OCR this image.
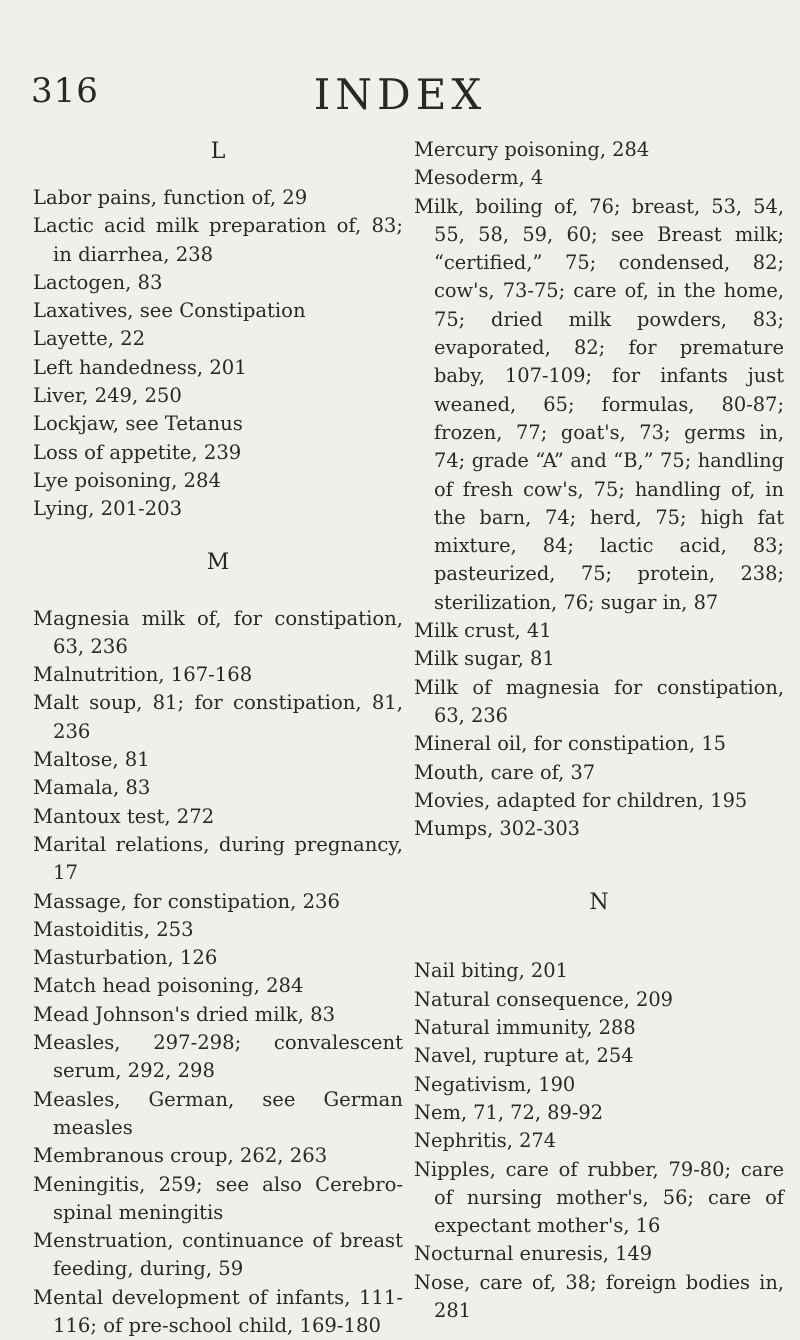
316	INDEX
L

Labor pains, function of, 29

Lactic acid milk preparation of, 83; in diarrhea, 238

Lactogen, 83

Laxatives, see Constipation

Layette, 22

Left handedness, 201

Liver, 249, 250

Lockjaw, see Tetanus

Loss of appetite, 239

Lye poisoning, 284

Lying, 201-203

M

Magnesia milk of, for constipation, 63, 236

Malnutrition, 167-168

Malt soup, 81; for constipation, 81, 236

Maltose, 81

Mamala, 83

Mantoux test, 272

Marital relations, during pregnancy, 17

Massage, for constipation, 236

Mastoiditis, 253

Masturbation, 126

Match head poisoning, 284

Mead Johnson's dried milk, 83

Measles, 297-298; convalescent serum, 292, 298

Measles, German, see German measles

Membranous croup, 262, 263

Meningitis, 259; see also Cerebro-spinal meningitis

Menstruation, continuance of breast feeding, during, 59

Mental development of infants, 111-116; of pre-school child, 169-180

Mercury poisoning, 284

Mesoderm, 4

Milk, boiling of, 76; breast, 53, 54, 55, 58, 59, 60; see Breast milk; “certified,” 75; condensed, 82; cow's, 73-75; care of, in the home, 75; dried milk powders, 83; evaporated, 82; for premature baby, 107-109; for infants just weaned, 65; formulas, 80-87; frozen, 77; goat's, 73; germs in, 74; grade “A” and “B,” 75; handling of fresh cow's, 75; handling of, in the barn, 74; herd, 75; high fat mixture, 84; lactic acid, 83; pasteurized, 75; protein, 238; sterilization, 76; sugar in, 87

Milk crust, 41

Milk sugar, 81

Milk of magnesia for constipation, 63, 236

Mineral oil, for constipation, 15

Mouth, care of, 37

Movies, adapted for children, 195

Mumps, 302-303

N

Nail biting, 201

Natural consequence, 209

Natural immunity, 288

Navel, rupture at, 254

Negativism, 190

Nem, 71, 72, 89-92

Nephritis, 274

Nipples, care of rubber, 79-80; care of nursing mother's, 56; care of expectant mother's, 16

Nocturnal enuresis, 149

Nose, care of, 38; foreign bodies in, 281
